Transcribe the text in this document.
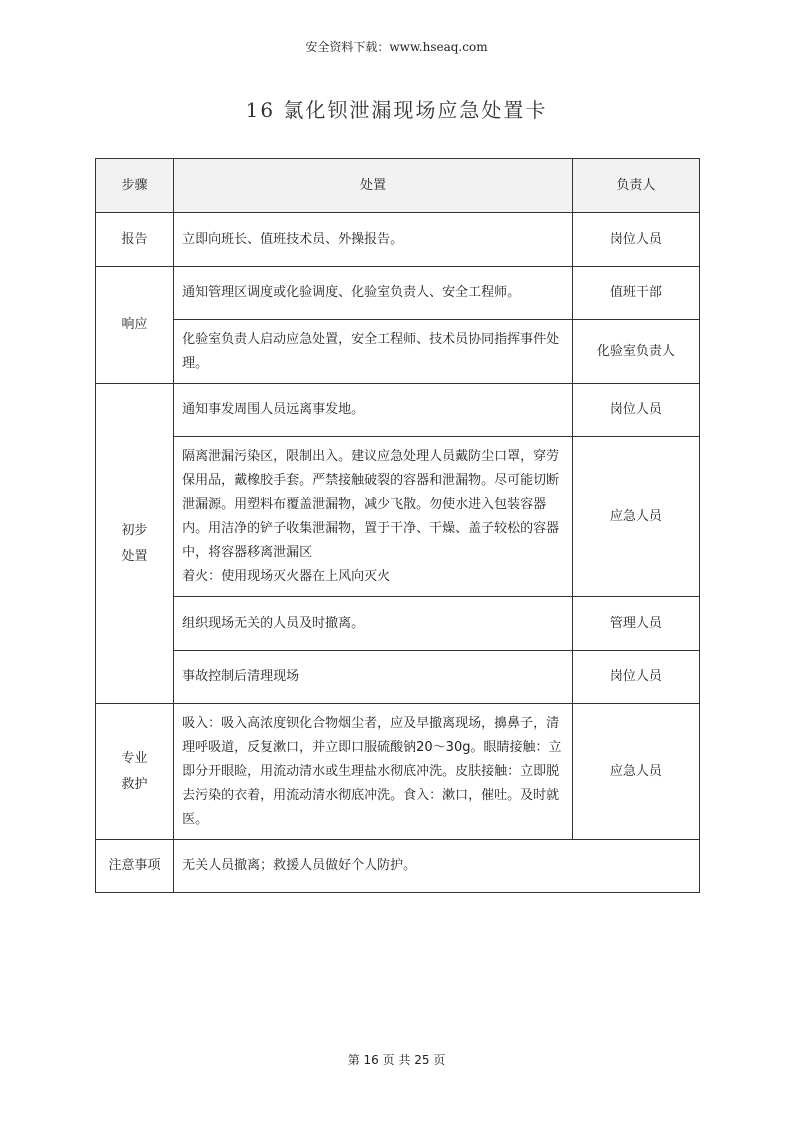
安全资料下载：www.hseaq.com
16 氯化钡泄漏现场应急处置卡
步骤	处置	负责人
报告	立即向班长、值班技术员、外操报告。	岗位人员
响应	通知管理区调度或化验调度、化验室负责人、安全工程师。	值班干部
	化验室负责人启动应急处置，安全工程师、技术员协同指挥事件处理。	化验室负责人

初步
处置	通知事发周围人员远离事发地。	岗位人员

	隔离泄漏污染区，限制出入。建议应急处理人员戴防尘口罩，穿劳保用品，戴橡胶手套。严禁接触破裂的容器和泄漏物。尽可能切断泄漏源。用塑料布覆盖泄漏物，减少飞散。勿使水进入包装容器内。用洁净的铲子收集泄漏物，置于干净、干燥、盖子较松的容器中，将容器移离泄漏区
着火：使用现场灭火器在上风向灭火	应急人员
	组织现场无关的人员及时撤离。	管理人员
	事故控制后清理现场	岗位人员

专业
救护	吸入：吸入高浓度钡化合物烟尘者，应及早撤离现场，擤鼻子，清理呼吸道，反复漱口，并立即口服硫酸钠20～30g。眼睛接触：立即分开眼睑，用流动清水或生理盐水彻底冲洗。皮肤接触：立即脱去污染的衣着，用流动清水彻底冲洗。食入：漱口，催吐。及时就医。	应急人员
注意事项	无关人员撤离；救援人员做好个人防护。	
第 16 页 共 25 页
